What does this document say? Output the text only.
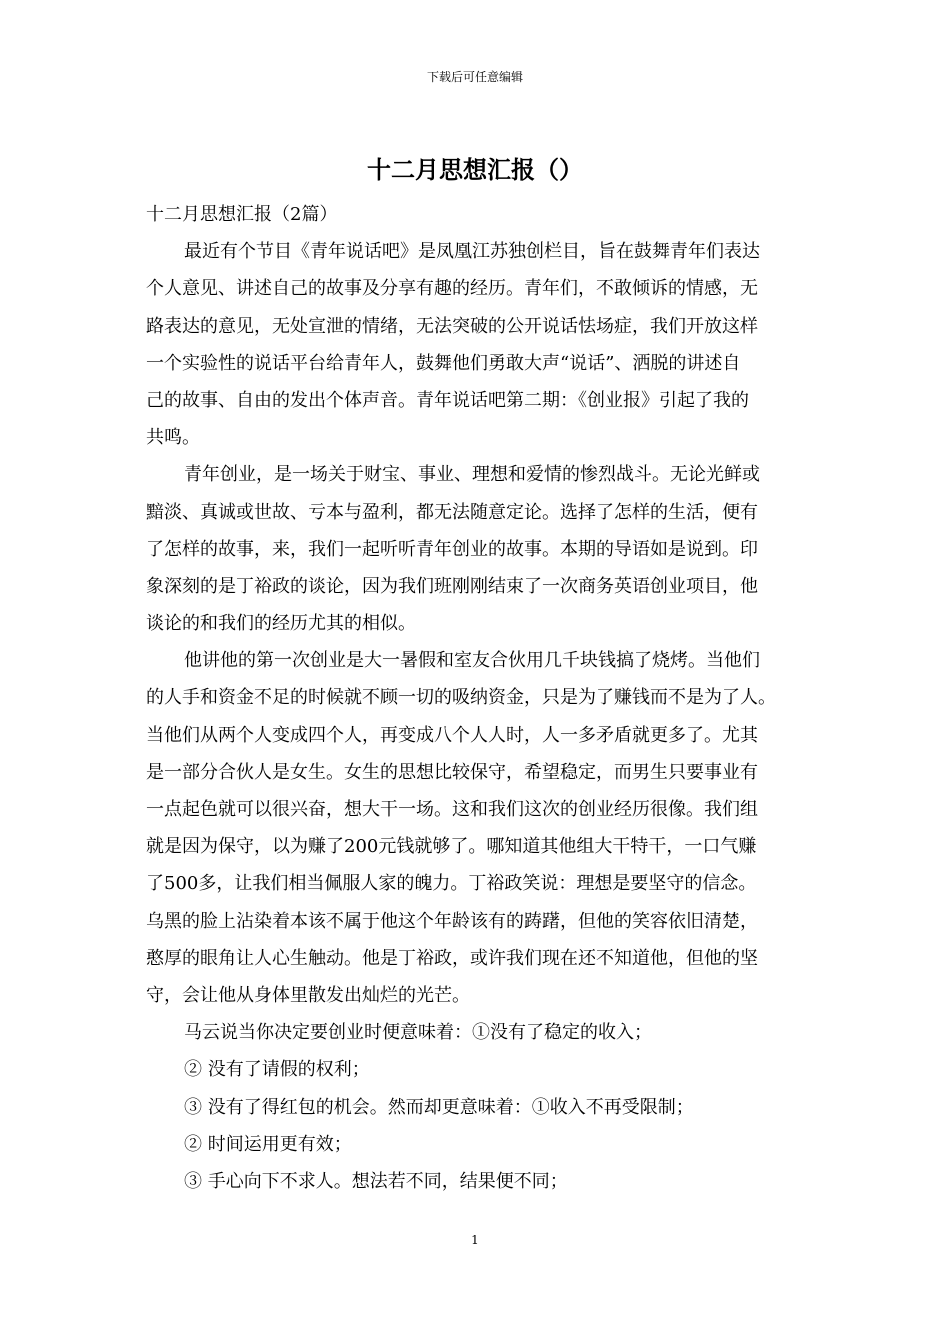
下载后可任意编辑
十二月思想汇报（）
十二月思想汇报（2篇）
最近有个节目《青年说话吧》是凤凰江苏独创栏目，旨在鼓舞青年们表达
个人意见、讲述自己的故事及分享有趣的经历。青年们，不敢倾诉的情感，无
路表达的意见，无处宣泄的情绪，无法突破的公开说话怯场症，我们开放这样
一个实验性的说话平台给青年人，鼓舞他们勇敢大声“说话”、洒脱的讲述自
己的故事、自由的发出个体声音。青年说话吧第二期：《创业报》引起了我的
共鸣。
青年创业，是一场关于财宝、事业、理想和爱情的惨烈战斗。无论光鲜或
黯淡、真诚或世故、亏本与盈利，都无法随意定论。选择了怎样的生活，便有
了怎样的故事，来，我们一起听听青年创业的故事。本期的导语如是说到。印
象深刻的是丁裕政的谈论，因为我们班刚刚结束了一次商务英语创业项目，他
谈论的和我们的经历尤其的相似。
他讲他的第一次创业是大一暑假和室友合伙用几千块钱搞了烧烤。当他们
的人手和资金不足的时候就不顾一切的吸纳资金，只是为了赚钱而不是为了人。
当他们从两个人变成四个人，再变成八个人人时，人一多矛盾就更多了。尤其
是一部分合伙人是女生。女生的思想比较保守，希望稳定，而男生只要事业有
一点起色就可以很兴奋，想大干一场。这和我们这次的创业经历很像。我们组
就是因为保守，以为赚了200元钱就够了。哪知道其他组大干特干，一口气赚
了500多，让我们相当佩服人家的魄力。丁裕政笑说：理想是要坚守的信念。
乌黑的脸上沾染着本该不属于他这个年龄该有的踌躇，但他的笑容依旧清楚，
憨厚的眼角让人心生触动。他是丁裕政，或许我们现在还不知道他，但他的坚
守，会让他从身体里散发出灿烂的光芒。
马云说当你决定要创业时便意味着：①没有了稳定的收入；
② 没有了请假的权利；
③ 没有了得红包的机会。然而却更意味着：①收入不再受限制；
② 时间运用更有效；
③ 手心向下不求人。想法若不同，结果便不同；
1
